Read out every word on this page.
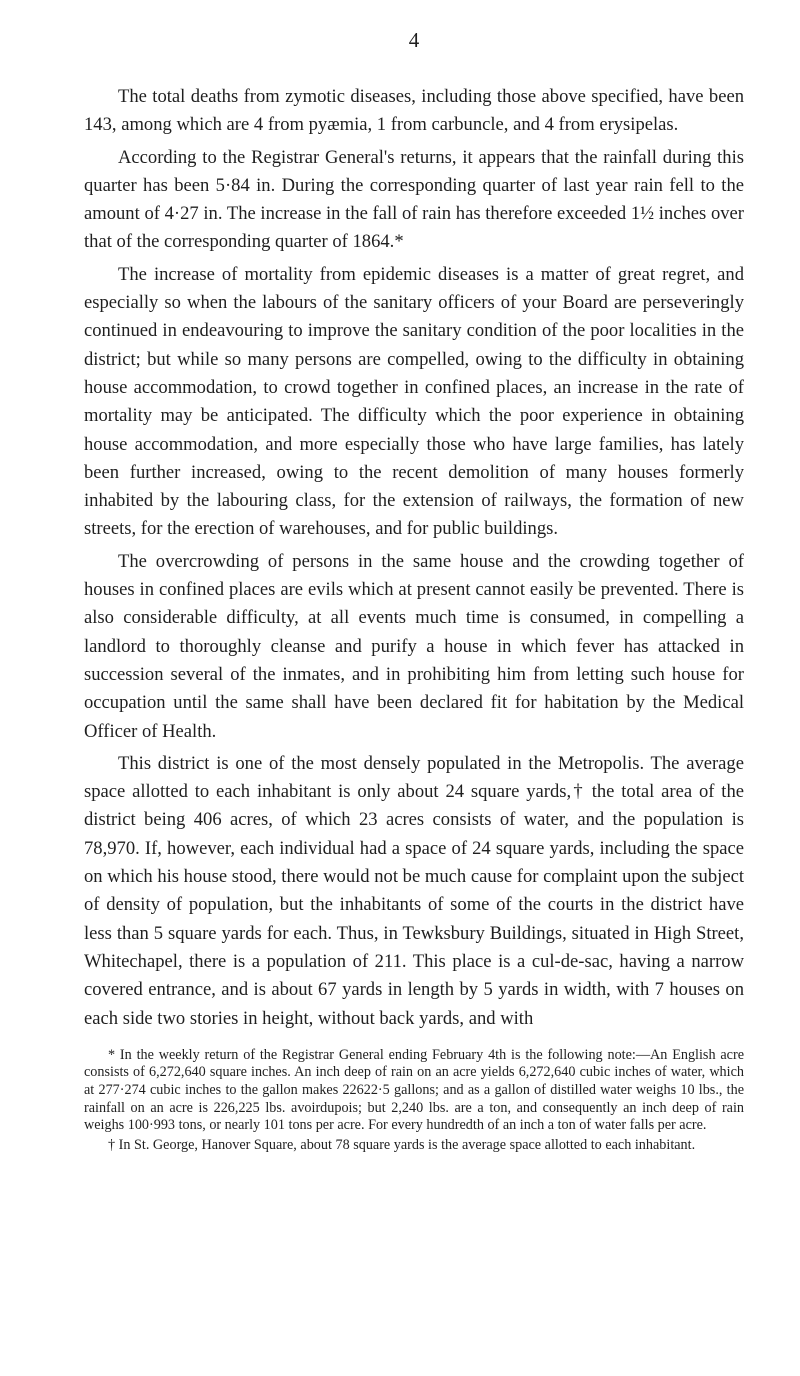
4

The total deaths from zymotic diseases, including those above specified, have been 143, among which are 4 from pyæmia, 1 from carbuncle, and 4 from erysipelas.

According to the Registrar General's returns, it appears that the rainfall during this quarter has been 5·84 in. During the corresponding quarter of last year rain fell to the amount of 4·27 in. The increase in the fall of rain has therefore exceeded 1½ inches over that of the corresponding quarter of 1864.*

The increase of mortality from epidemic diseases is a matter of great regret, and especially so when the labours of the sanitary officers of your Board are perseveringly continued in endeavouring to improve the sanitary condition of the poor localities in the district; but while so many persons are compelled, owing to the difficulty in obtaining house accommodation, to crowd together in confined places, an increase in the rate of mortality may be anticipated. The difficulty which the poor experience in obtaining house accommodation, and more especially those who have large families, has lately been further increased, owing to the recent demolition of many houses formerly inhabited by the labouring class, for the extension of railways, the formation of new streets, for the erection of warehouses, and for public buildings.

The overcrowding of persons in the same house and the crowding together of houses in confined places are evils which at present cannot easily be prevented. There is also considerable difficulty, at all events much time is consumed, in compelling a landlord to thoroughly cleanse and purify a house in which fever has attacked in succession several of the inmates, and in prohibiting him from letting such house for occupation until the same shall have been declared fit for habitation by the Medical Officer of Health.

This district is one of the most densely populated in the Metropolis. The average space allotted to each inhabitant is only about 24 square yards,† the total area of the district being 406 acres, of which 23 acres consists of water, and the population is 78,970. If, however, each individual had a space of 24 square yards, including the space on which his house stood, there would not be much cause for complaint upon the subject of density of population, but the inhabitants of some of the courts in the district have less than 5 square yards for each. Thus, in Tewksbury Buildings, situated in High Street, Whitechapel, there is a population of 211. This place is a cul-de-sac, having a narrow covered entrance, and is about 67 yards in length by 5 yards in width, with 7 houses on each side two stories in height, without back yards, and with

* In the weekly return of the Registrar General ending February 4th is the following note:—An English acre consists of 6,272,640 square inches. An inch deep of rain on an acre yields 6,272,640 cubic inches of water, which at 277·274 cubic inches to the gallon makes 22622·5 gallons; and as a gallon of distilled water weighs 10 lbs., the rainfall on an acre is 226,225 lbs. avoirdupois; but 2,240 lbs. are a ton, and consequently an inch deep of rain weighs 100·993 tons, or nearly 101 tons per acre. For every hundredth of an inch a ton of water falls per acre.

† In St. George, Hanover Square, about 78 square yards is the average space allotted to each inhabitant.
